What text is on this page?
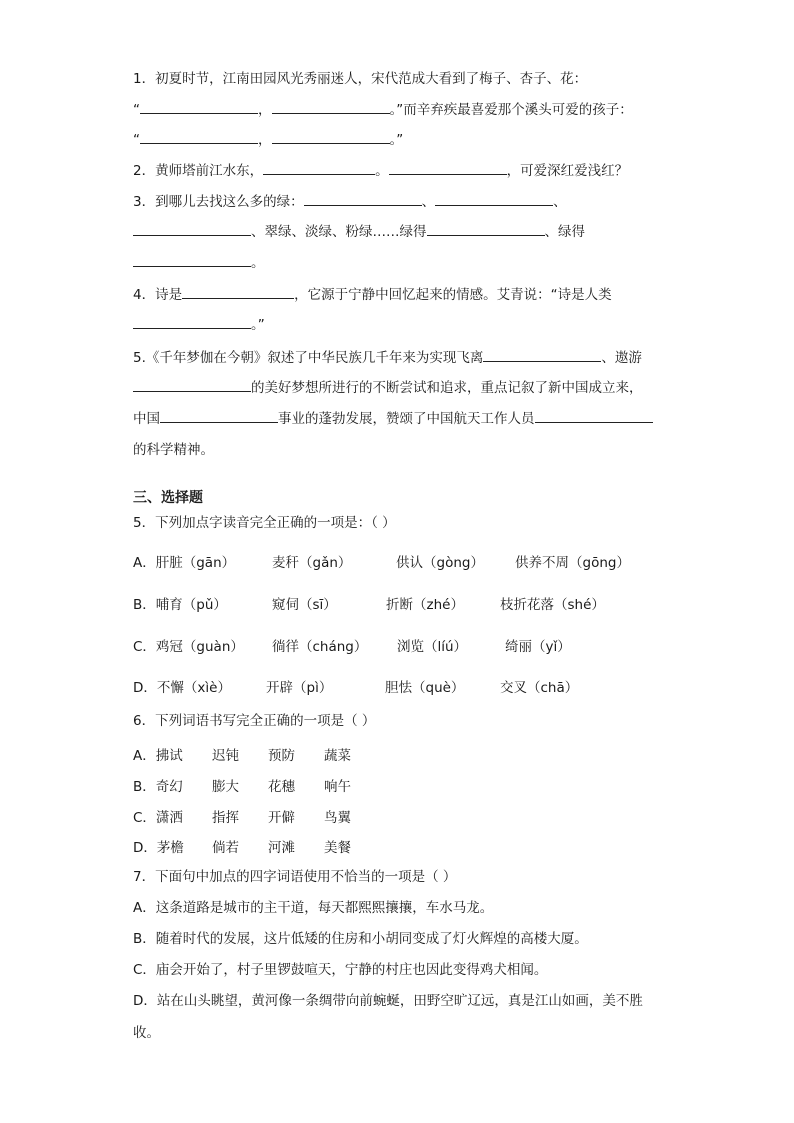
1．初夏时节，江南田园风光秀丽迷人，宋代范成大看到了梅子、杏子、花：
“	，	。”而辛弃疾最喜爱那个溪头可爱的孩子：
“	，	。”
2．黄师塔前江水东，	。	，可爱深红爱浅红？
3．到哪儿去找这么多的绿：	、	、
、翠绿、淡绿、粉绿……绿得	、绿得
。
4．诗是	，它源于宁静中回忆起来的情感。艾青说：“诗是人类
。”
5.《千年梦伽在今朝》叙述了中华民族几千年来为实现飞离	、遨游
的美好梦想所进行的不断尝试和追求，重点记叙了新中国成立来，
中国	事业的蓬勃发展，赞颂了中国航天工作人员
的科学精神。
三、选择题
5．下列加点字读音完全正确的一项是：（ ）
A．肝脏（gān）	麦秆（gǎn）	供认（gòng） 供养不周（gōng）
B．哺育（pǔ）	窥伺（sī）	折断（zhé）	枝折花落（shé）
C．鸡冠（guàn） 徜徉（cháng） 浏览（líú）	绮丽（yǐ）
D．不懈（xìè）	开辟（pì）	胆怯（què）	交叉（chā）
6．下列词语书写完全正确的一项是（ ）
A．拂试 迟钝 预防 蔬菜
B．奇幻 膨大 花穗 响午
C．潇洒 指挥 开僻 鸟翼
D．茅檐 倘若 河滩 美餐
7．下面句中加点的四字词语使用不恰当的一项是（ ）
A．这条道路是城市的主干道，每天都熙熙攘攘，车水马龙。
B．随着时代的发展，这片低矮的住房和小胡同变成了灯火辉煌的高楼大厦。
C．庙会开始了，村子里锣鼓喧天，宁静的村庄也因此变得鸡犬相闻。
D．站在山头眺望，黄河像一条绸带向前蜿蜒，田野空旷辽远，真是江山如画，美不胜
收。
